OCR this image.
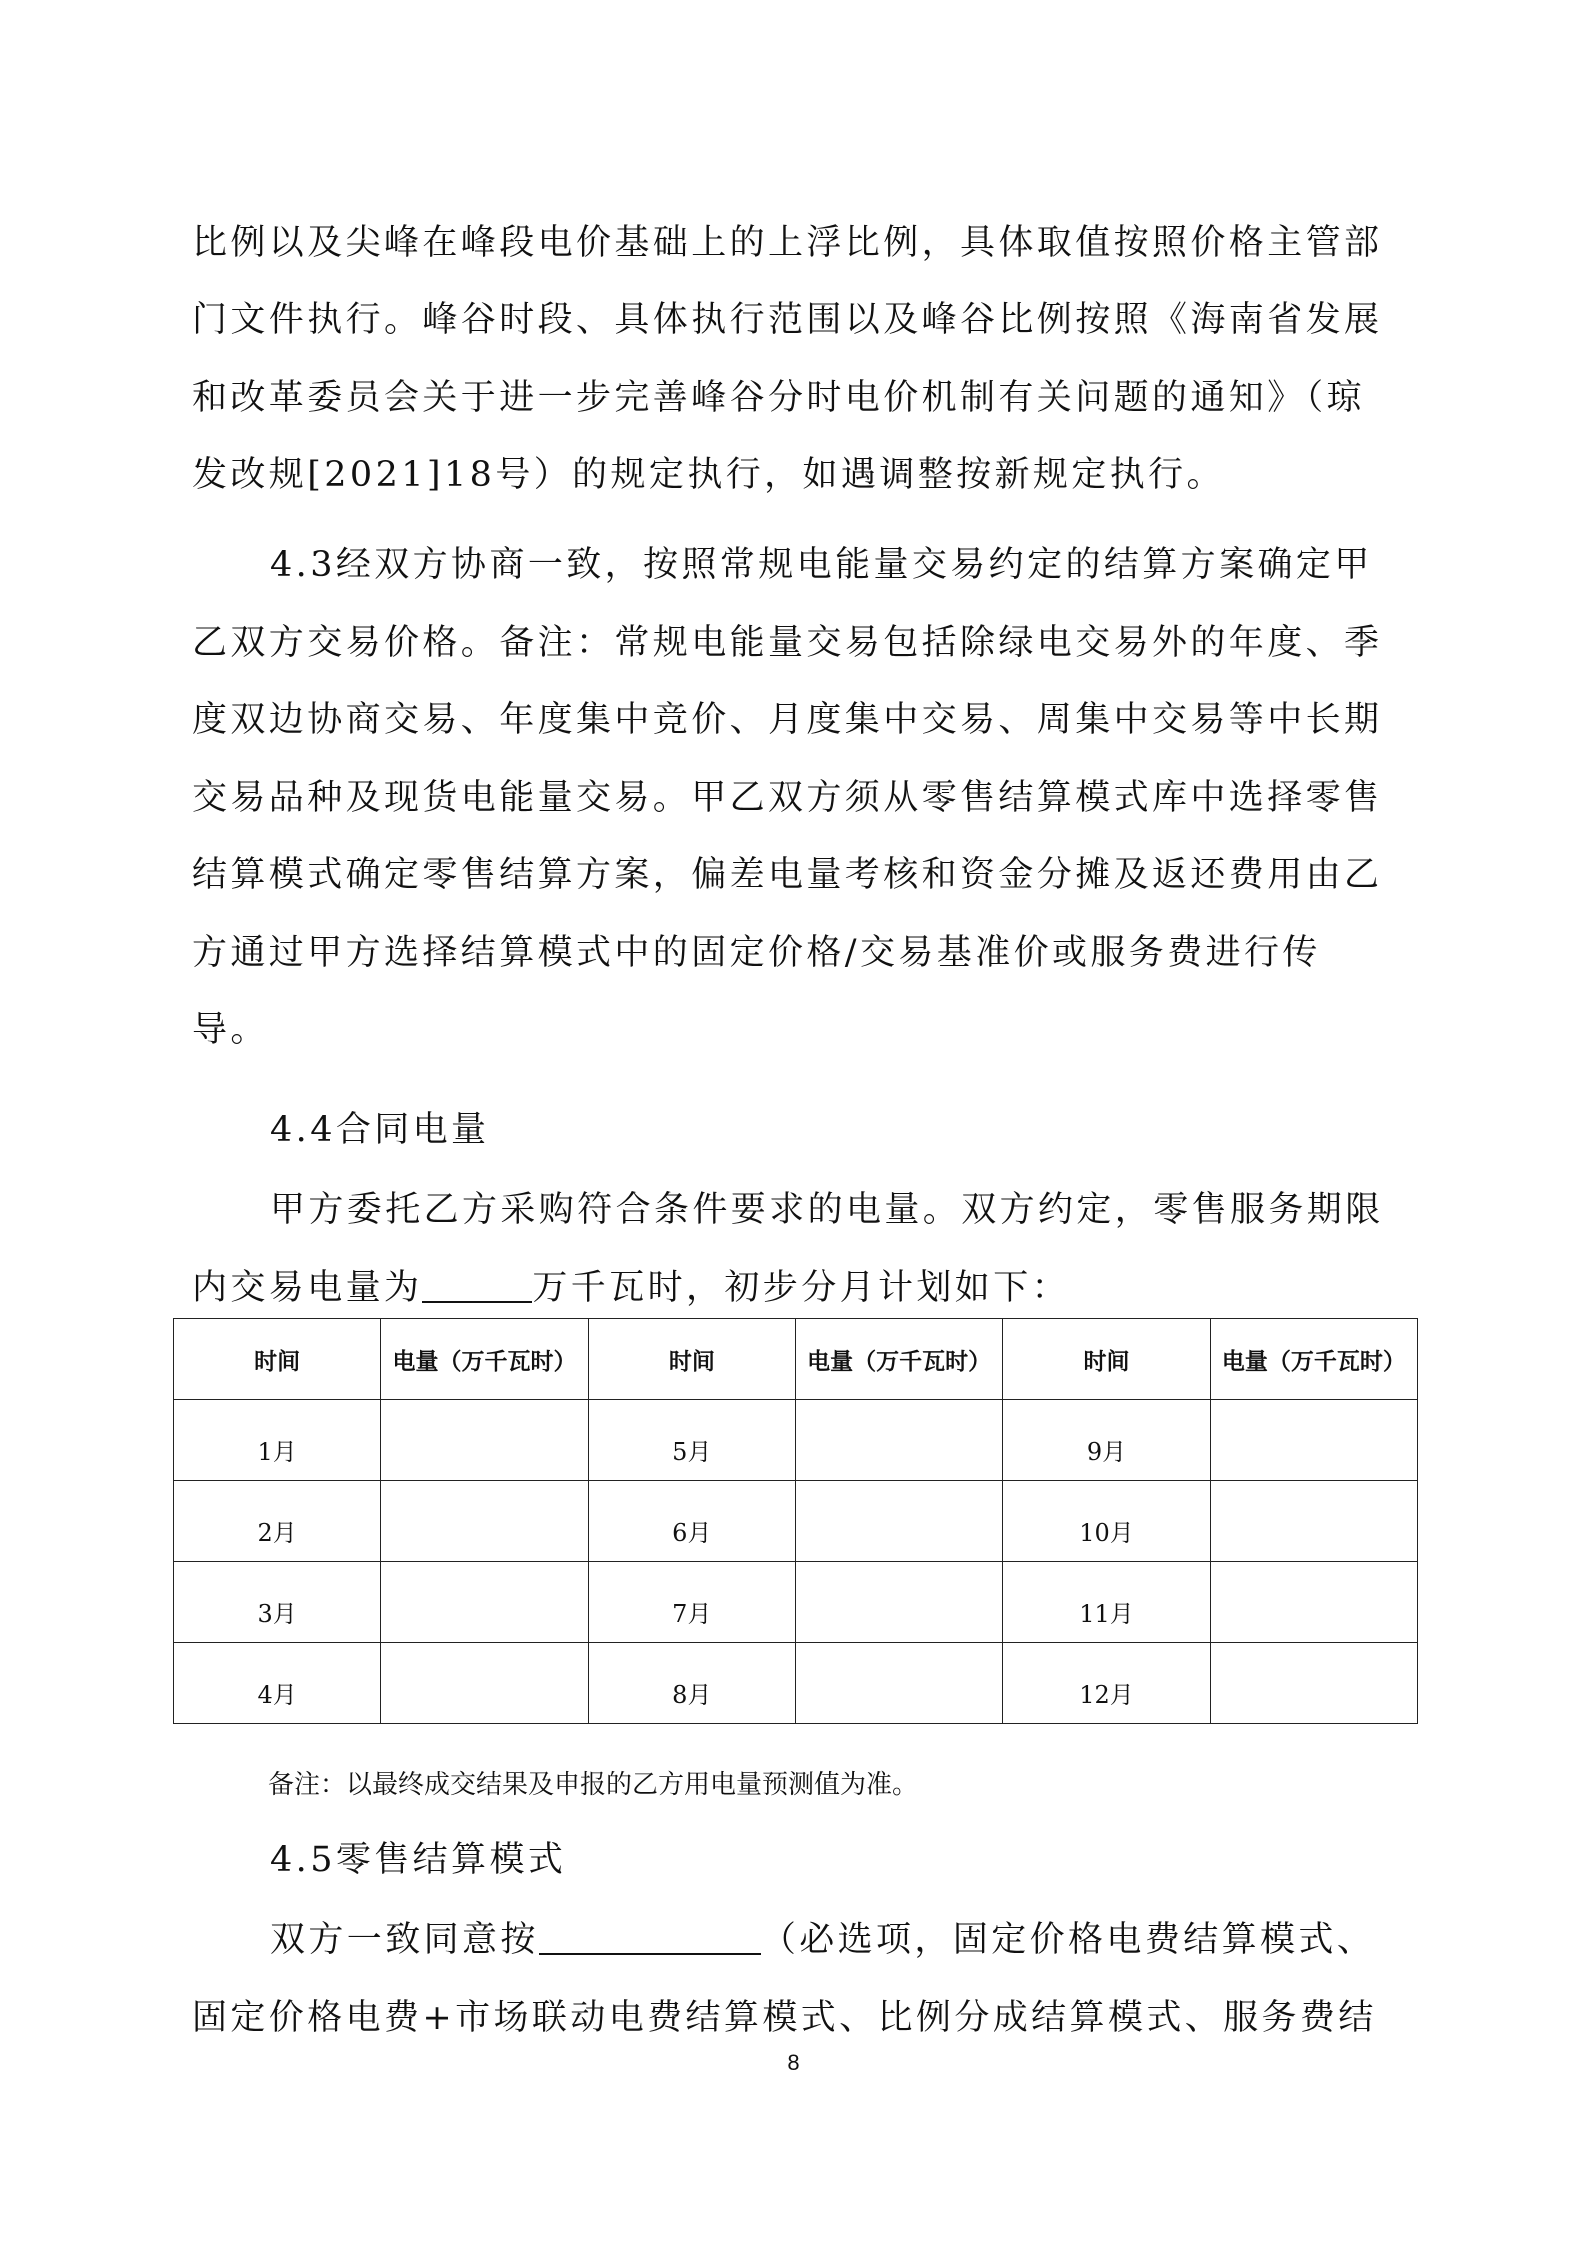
比例以及尖峰在峰段电价基础上的上浮比例，具体取值按照价格主管部
门文件执行。峰谷时段、具体执行范围以及峰谷比例按照《海南省发展
和改革委员会关于进一步完善峰谷分时电价机制有关问题的通知》（琼
发改规[2021]18号）的规定执行，如遇调整按新规定执行。
4.3经双方协商一致，按照常规电能量交易约定的结算方案确定甲
乙双方交易价格。备注：常规电能量交易包括除绿电交易外的年度、季
度双边协商交易、年度集中竞价、月度集中交易、周集中交易等中长期
交易品种及现货电能量交易。甲乙双方须从零售结算模式库中选择零售
结算模式确定零售结算方案，偏差电量考核和资金分摊及返还费用由乙
方通过甲方选择结算模式中的固定价格/交易基准价或服务费进行传
导。
4.4合同电量
甲方委托乙方采购符合条件要求的电量。双方约定，零售服务期限
内交易电量为	万千瓦时，初步分月计划如下：
时间	电量（万千瓦时）	时间	电量（万千瓦时）	时间	电量（万千瓦时）
1月		5月		9月	
2月		6月		10月	
3月		7月		11月	
4月		8月		12月	
备注：以最终成交结果及申报的乙方用电量预测值为准。
4.5零售结算模式
双方一致同意按	（必选项，固定价格电费结算模式、
固定价格电费+市场联动电费结算模式、比例分成结算模式、服务费结
8
